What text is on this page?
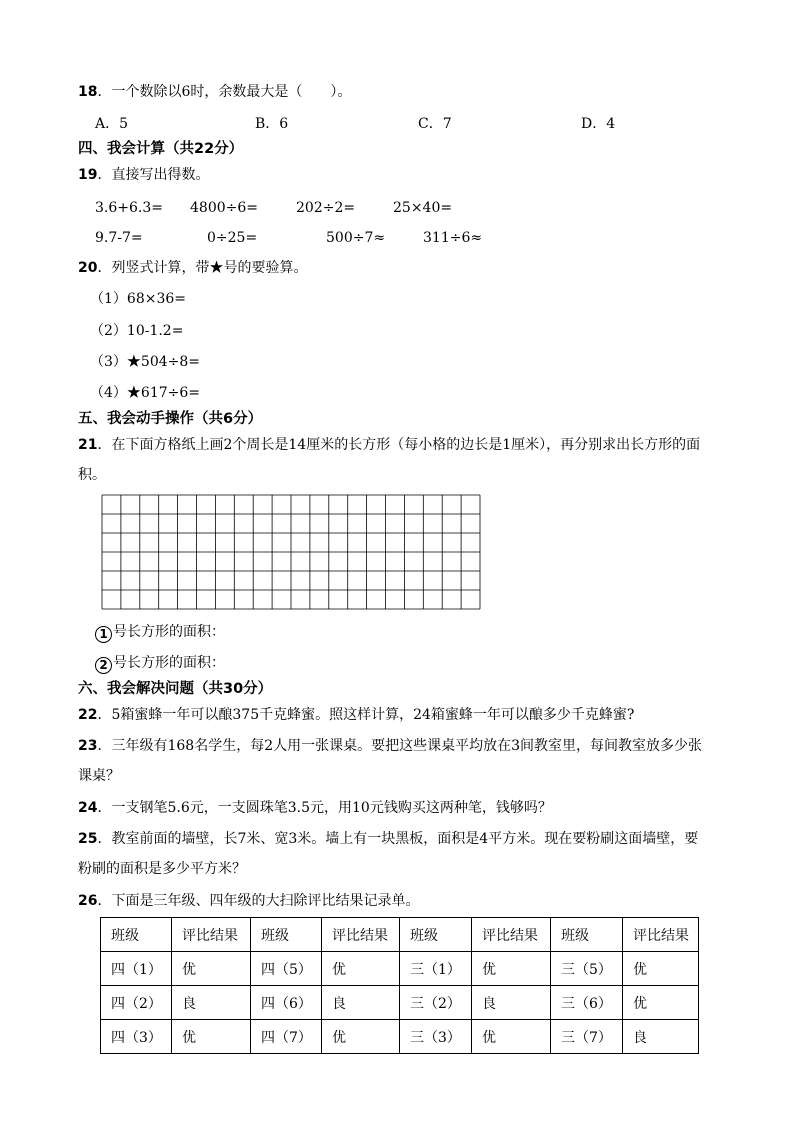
18．一个数除以6时，余数最大是（　　）。
A．5	B．6	C．7	D．4
四、我会计算（共22分）
19．直接写出得数。
3.6+6.3= 4800÷6=	202÷2=	25×40=
9.7-7=	0÷25=	500÷7≈	311÷6≈
20．列竖式计算，带★号的要验算。
（1）68×36=
（2）10-1.2=
（3）★504÷8=
（4）★617÷6=
五、我会动手操作（共6分）
21．在下面方格纸上画2个周长是14厘米的长方形（每小格的边长是1厘米），再分别求出长方形的面
积。
1 号长方形的面积：
2 号长方形的面积：
六、我会解决问题（共30分）
22．5箱蜜蜂一年可以酿375千克蜂蜜。照这样计算，24箱蜜蜂一年可以酿多少千克蜂蜜?
23．三年级有168名学生，每2人用一张课桌。要把这些课桌平均放在3间教室里，每间教室放多少张
课桌？
24．一支钢笔5.6元，一支圆珠笔3.5元，用10元钱购买这两种笔，钱够吗？
25．教室前面的墙壁，长7米、宽3米。墙上有一块黑板，面积是4平方米。现在要粉刷这面墙壁，要
粉刷的面积是多少平方米？
26．下面是三年级、四年级的大扫除评比结果记录单。
班级	评比结果	班级	评比结果	班级	评比结果	班级	评比结果
四（1）	优	四（5）	优	三（1）	优	三（5）	优
四（2）	良	四（6）	良	三（2）	良	三（6）	优
四（3）	优	四（7）	优	三（3）	优	三（7）	良
